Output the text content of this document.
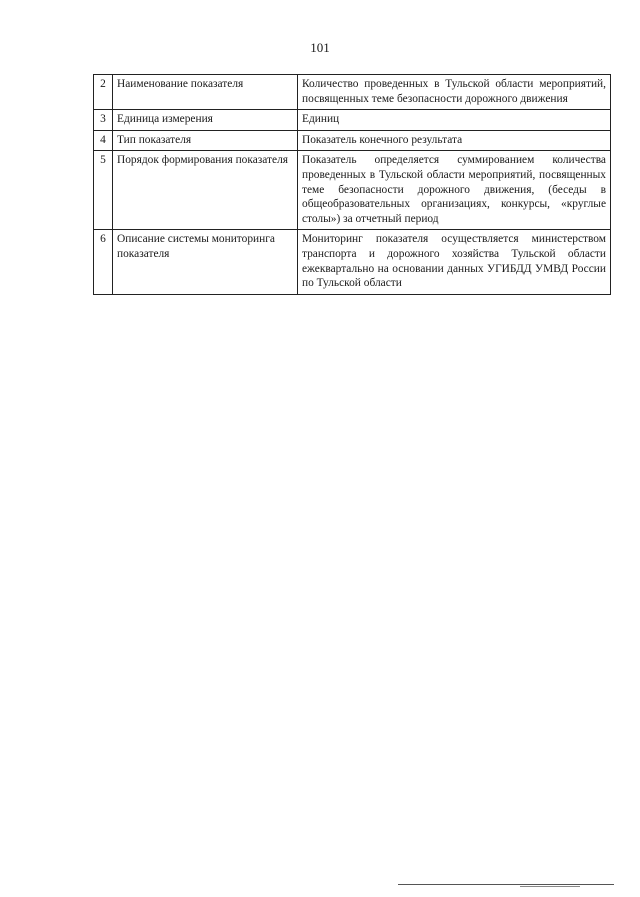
101
2	Наименование показателя	Количество проведенных в Тульской области мероприятий, посвященных теме безопасности дорожного движения
3	Единица измерения	Единиц
4	Тип показателя	Показатель конечного результата
5	Порядок формирования показателя	Показатель определяется суммированием количества проведенных в Тульской области мероприятий, посвященных теме безопасности дорожного движения, (беседы в общеобразовательных организациях, конкурсы, «круглые столы») за отчетный период
6	Описание системы мониторинга показателя	Мониторинг показателя осуществляется министерством транспорта и дорожного хозяйства Тульской области ежеквартально на основании данных УГИБДД УМВД России по Тульской области
